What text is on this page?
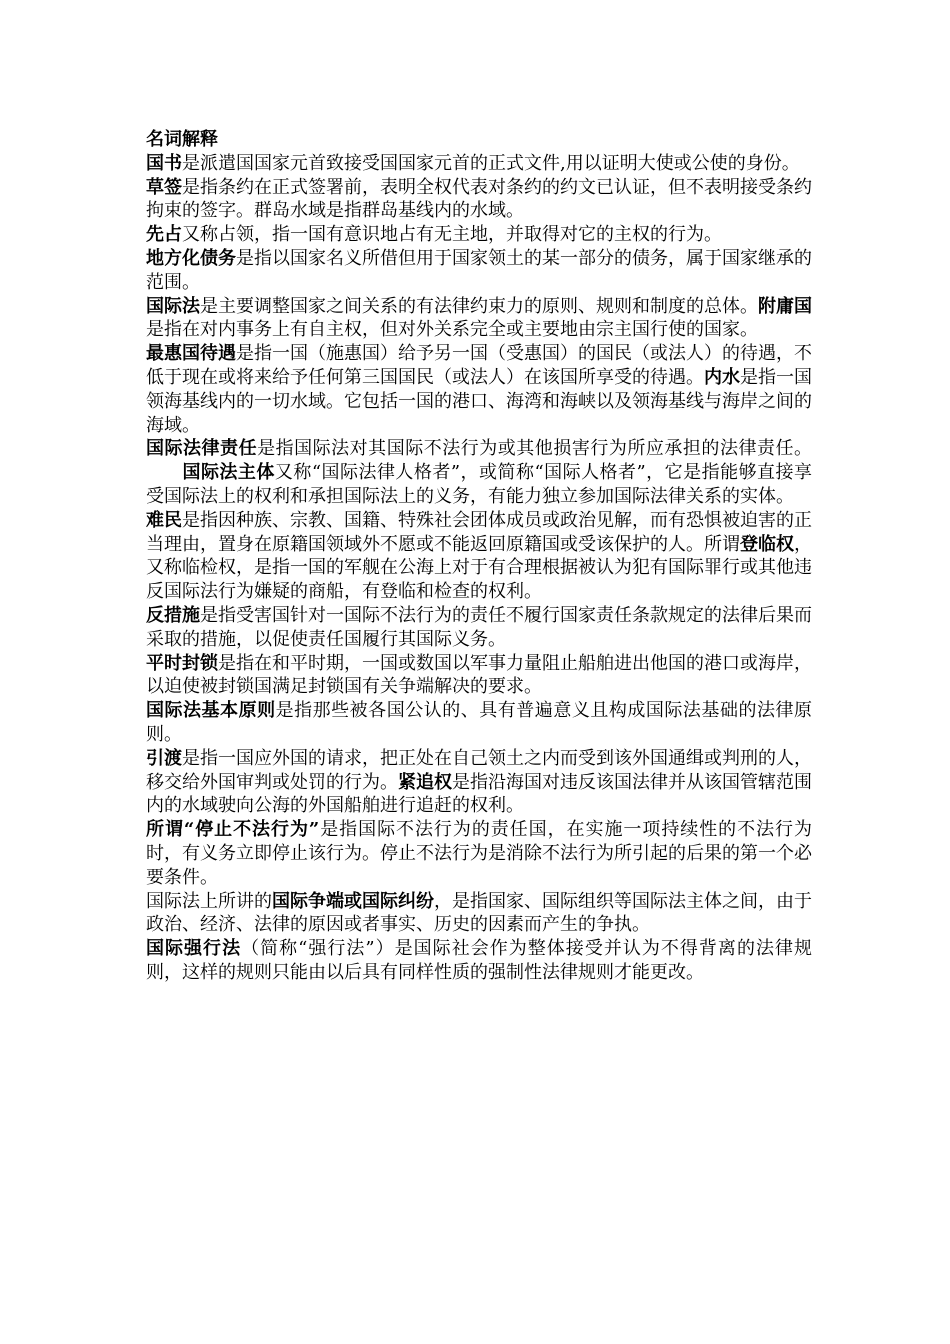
名词解释

国书是派遣国国家元首致接受国国家元首的正式文件,用以证明大使或公使的身份。

草签是指条约在正式签署前，表明全权代表对条约的约文已认证，但不表明接受条约拘束的签字。群岛水域是指群岛基线内的水域。

先占又称占领，指一国有意识地占有无主地，并取得对它的主权的行为。

地方化债务是指以国家名义所借但用于国家领土的某一部分的债务，属于国家继承的范围。

国际法是主要调整国家之间关系的有法律约束力的原则、规则和制度的总体。附庸国是指在对内事务上有自主权，但对外关系完全或主要地由宗主国行使的国家。

最惠国待遇是指一国（施惠国）给予另一国（受惠国）的国民（或法人）的待遇，不低于现在或将来给予任何第三国国民（或法人）在该国所享受的待遇。内水是指一国领海基线内的一切水域。它包括一国的港口、海湾和海峡以及领海基线与海岸之间的海域。

国际法律责任是指国际法对其国际不法行为或其他损害行为所应承担的法律责任。国际法主体又称“国际法律人格者”，或简称“国际人格者”，它是指能够直接享受国际法上的权利和承担国际法上的义务，有能力独立参加国际法律关系的实体。

难民是指因种族、宗教、国籍、特殊社会团体成员或政治见解，而有恐惧被迫害的正当理由，置身在原籍国领域外不愿或不能返回原籍国或受该保护的人。所谓登临权，又称临检权，是指一国的军舰在公海上对于有合理根据被认为犯有国际罪行或其他违反国际法行为嫌疑的商船，有登临和检查的权利。

反措施是指受害国针对一国际不法行为的责任不履行国家责任条款规定的法律后果而采取的措施，以促使责任国履行其国际义务。

平时封锁是指在和平时期，一国或数国以军事力量阻止船舶进出他国的港口或海岸，以迫使被封锁国满足封锁国有关争端解决的要求。

国际法基本原则是指那些被各国公认的、具有普遍意义且构成国际法基础的法律原则。

引渡是指一国应外国的请求，把正处在自己领土之内而受到该外国通缉或判刑的人，移交给外国审判或处罚的行为。紧追权是指沿海国对违反该国法律并从该国管辖范围内的水域驶向公海的外国船舶进行追赶的权利。

所谓“停止不法行为”是指国际不法行为的责任国，在实施一项持续性的不法行为时，有义务立即停止该行为。停止不法行为是消除不法行为所引起的后果的第一个必要条件。

国际法上所讲的国际争端或国际纠纷，是指国家、国际组织等国际法主体之间，由于政治、经济、法律的原因或者事实、历史的因素而产生的争执。

国际强行法（简称“强行法”）是国际社会作为整体接受并认为不得背离的法律规则，这样的规则只能由以后具有同样性质的强制性法律规则才能更改。
